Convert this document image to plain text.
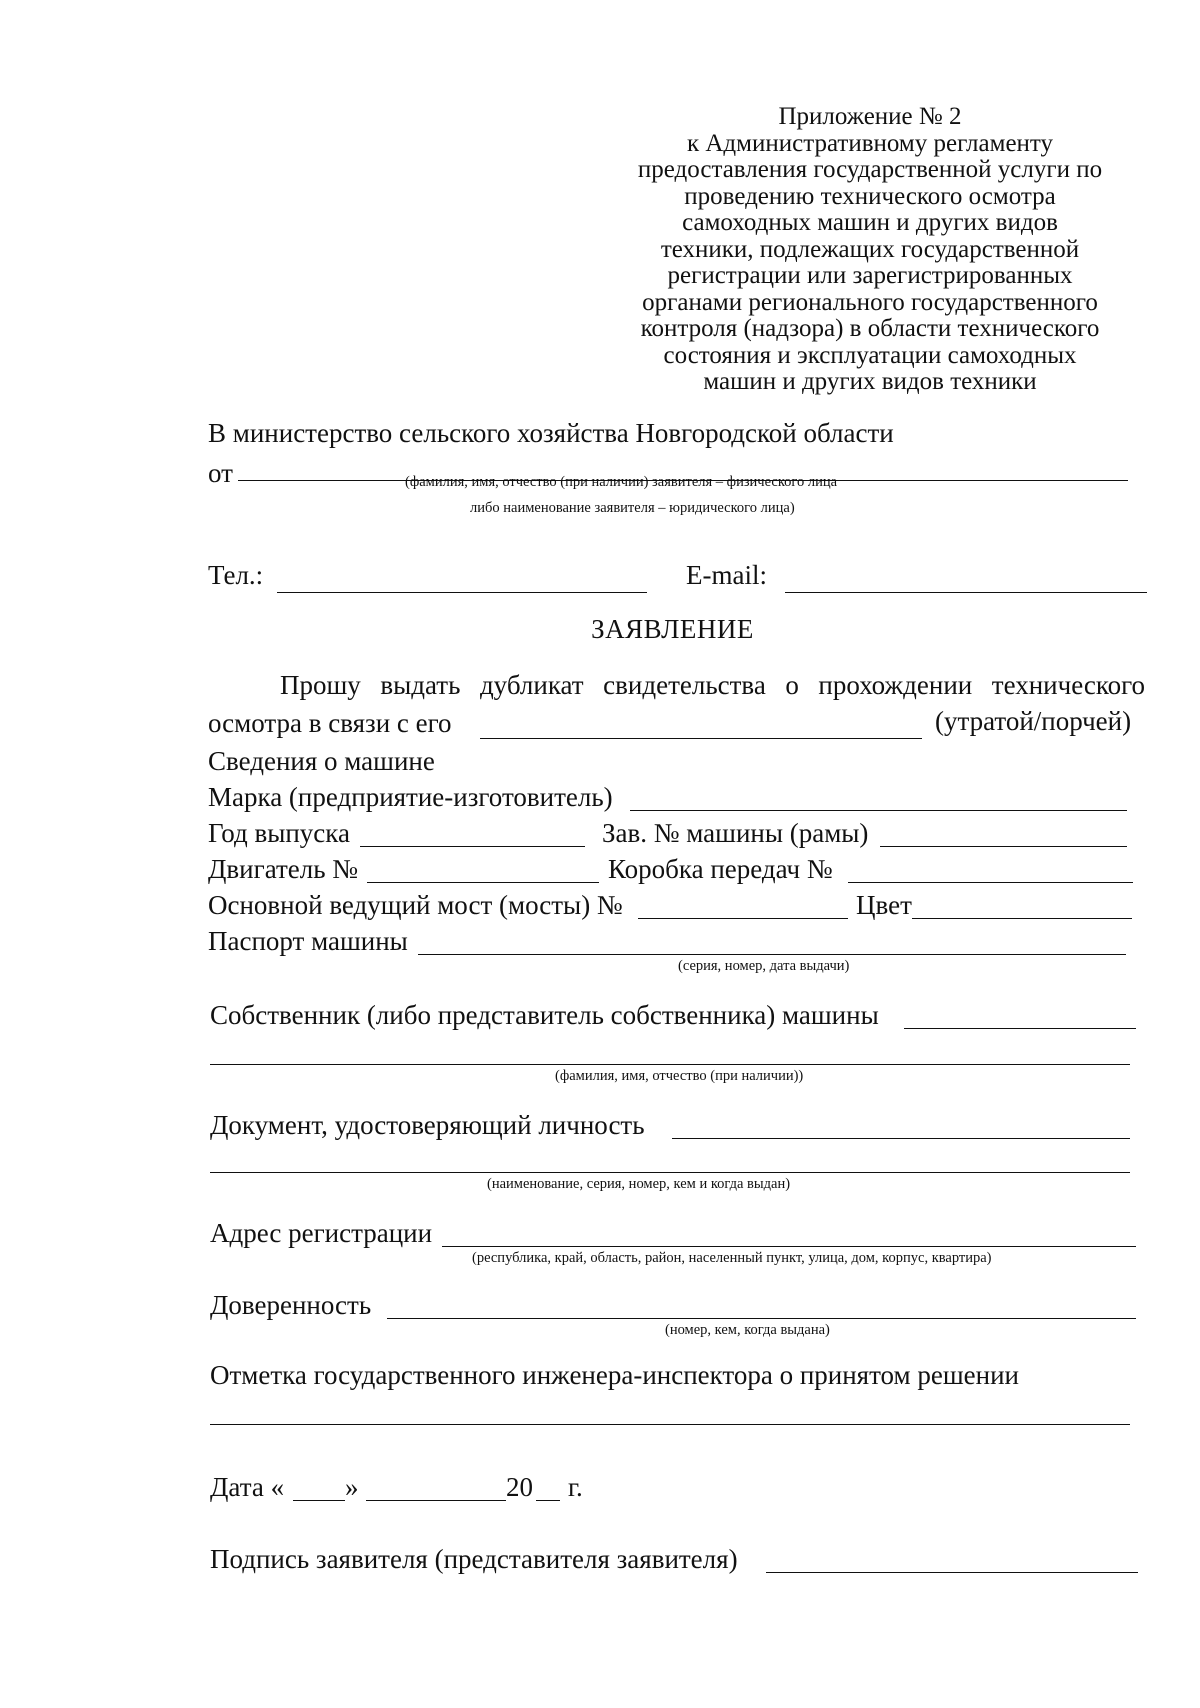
Приложение № 2
к Административному регламенту
предоставления государственной услуги по
проведению технического осмотра
самоходных машин и других видов
техники, подлежащих государственной
регистрации или зарегистрированных
органами регионального государственного
контроля (надзора) в области технического
состояния и эксплуатации самоходных
машин и других видов техники
В министерство сельского хозяйства Новгородской области
от	(фамилия, имя, отчество (при наличии) заявителя – физического лица
либо наименование заявителя – юридического лица)
Тел.:	E-mail:
ЗАЯВЛЕНИЕ
Прошу выдать дубликат свидетельства о прохождении технического
осмотра в связи с его	(утратой/порчей)
Сведения о машине
Марка (предприятие-изготовитель)
Год выпуска	Зав. № машины (рамы)
Двигатель №	Коробка передач №
Основной ведущий мост (мосты) №	Цвет
Паспорт машины
(серия, номер, дата выдачи)
Собственник (либо представитель собственника) машины
(фамилия, имя, отчество (при наличии))
Документ, удостоверяющий личность
(наименование, серия, номер, кем и когда выдан)
Адрес регистрации
(республика, край, область, район, населенный пункт, улица, дом, корпус, квартира)
Доверенность
(номер, кем, когда выдана)
Отметка государственного инженера-инспектора о принятом решении
Дата « »	20 г.
Подпись заявителя (представителя заявителя)
